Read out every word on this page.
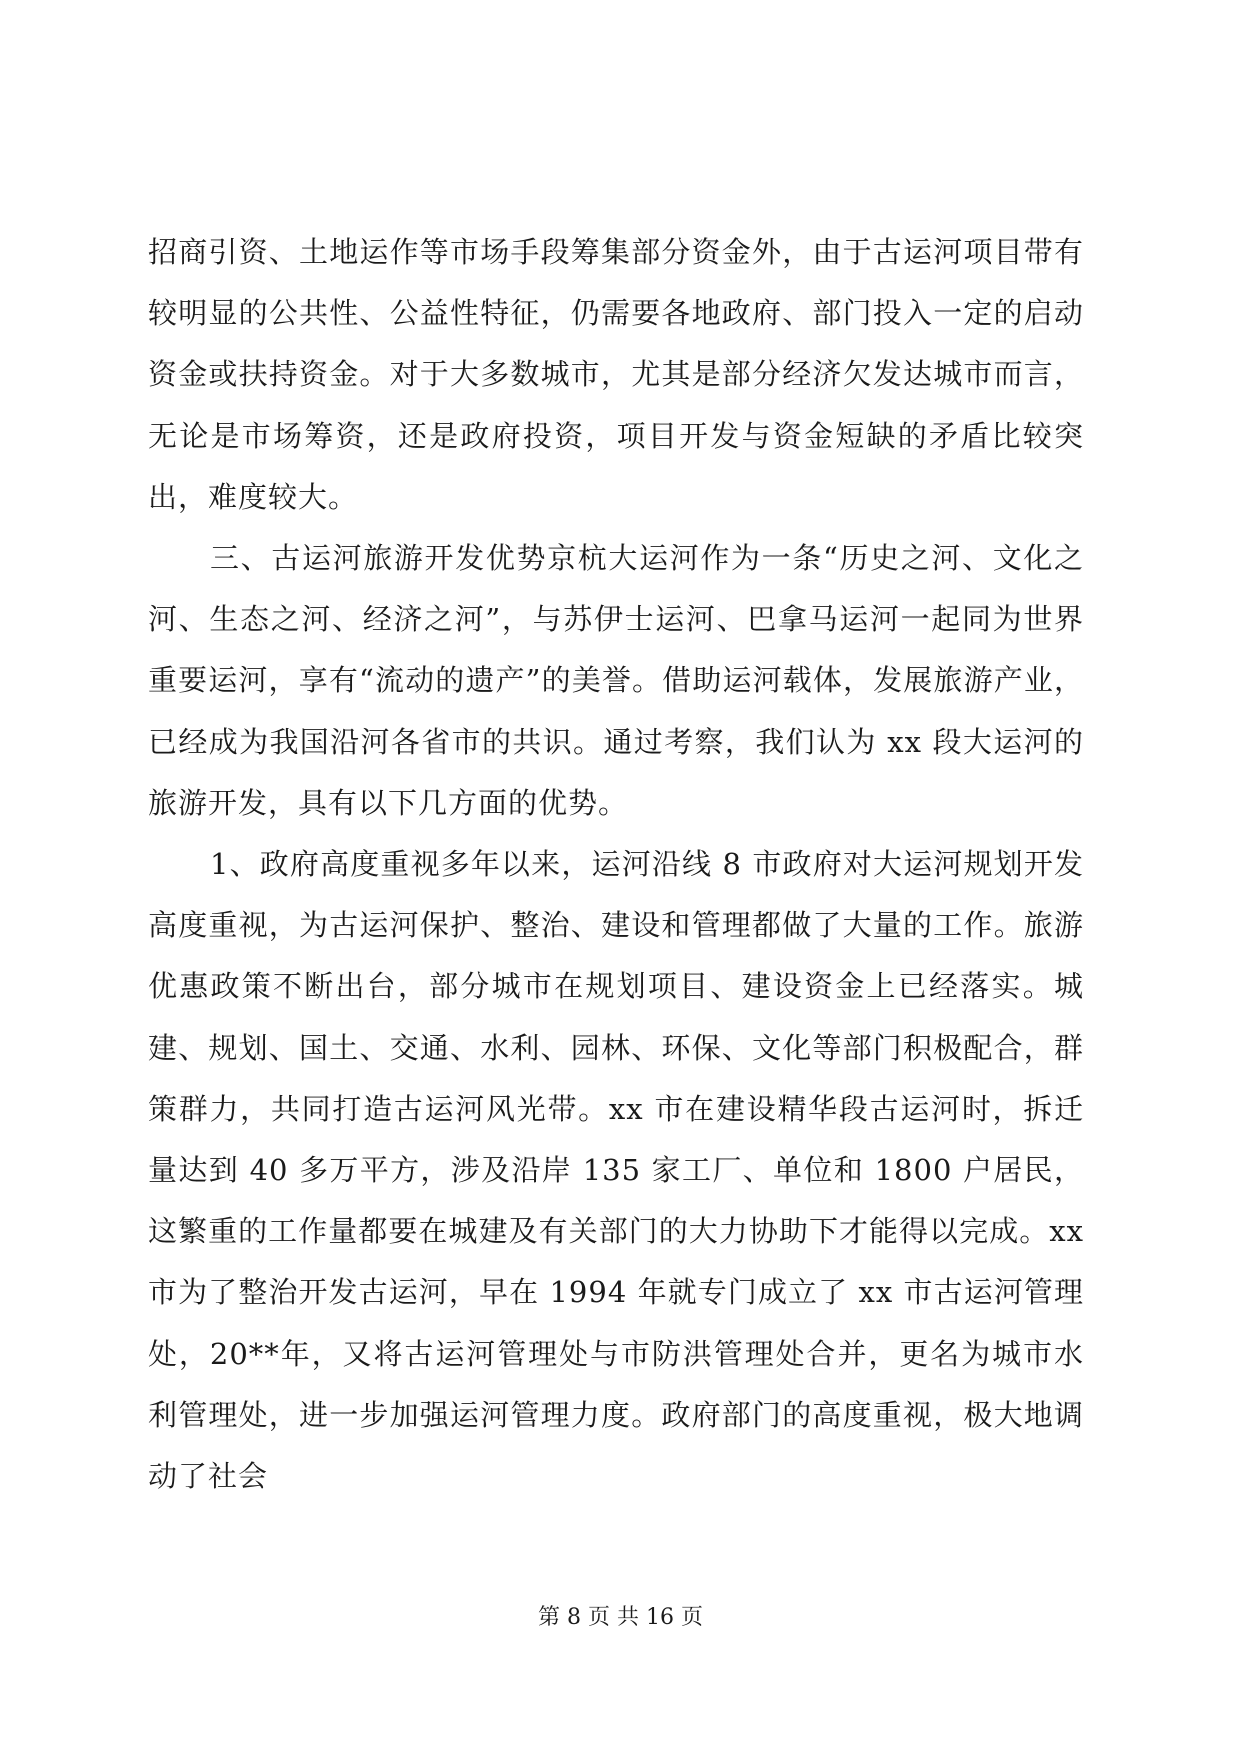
招商引资、土地运作等市场手段筹集部分资金外，由于古运河项目带有较明显的公共性、公益性特征，仍需要各地政府、部门投入一定的启动资金或扶持资金。对于大多数城市，尤其是部分经济欠发达城市而言，无论是市场筹资，还是政府投资，项目开发与资金短缺的矛盾比较突出，难度较大。

三、古运河旅游开发优势京杭大运河作为一条“历史之河、文化之河、生态之河、经济之河”，与苏伊士运河、巴拿马运河一起同为世界重要运河，享有“流动的遗产”的美誉。借助运河载体，发展旅游产业，已经成为我国沿河各省市的共识。通过考察，我们认为 xx 段大运河的旅游开发，具有以下几方面的优势。

1、政府高度重视多年以来，运河沿线 8 市政府对大运河规划开发高度重视，为古运河保护、整治、建设和管理都做了大量的工作。旅游优惠政策不断出台，部分城市在规划项目、建设资金上已经落实。城建、规划、国土、交通、水利、园林、环保、文化等部门积极配合，群策群力，共同打造古运河风光带。xx 市在建设精华段古运河时，拆迁量达到 40 多万平方，涉及沿岸 135 家工厂、单位和 1800 户居民，这繁重的工作量都要在城建及有关部门的大力协助下才能得以完成。xx 市为了整治开发古运河，早在 1994 年就专门成立了 xx 市古运河管理处，20**年，又将古运河管理处与市防洪管理处合并，更名为城市水利管理处，进一步加强运河管理力度。政府部门的高度重视，极大地调动了社会

第 8 页 共 16 页
